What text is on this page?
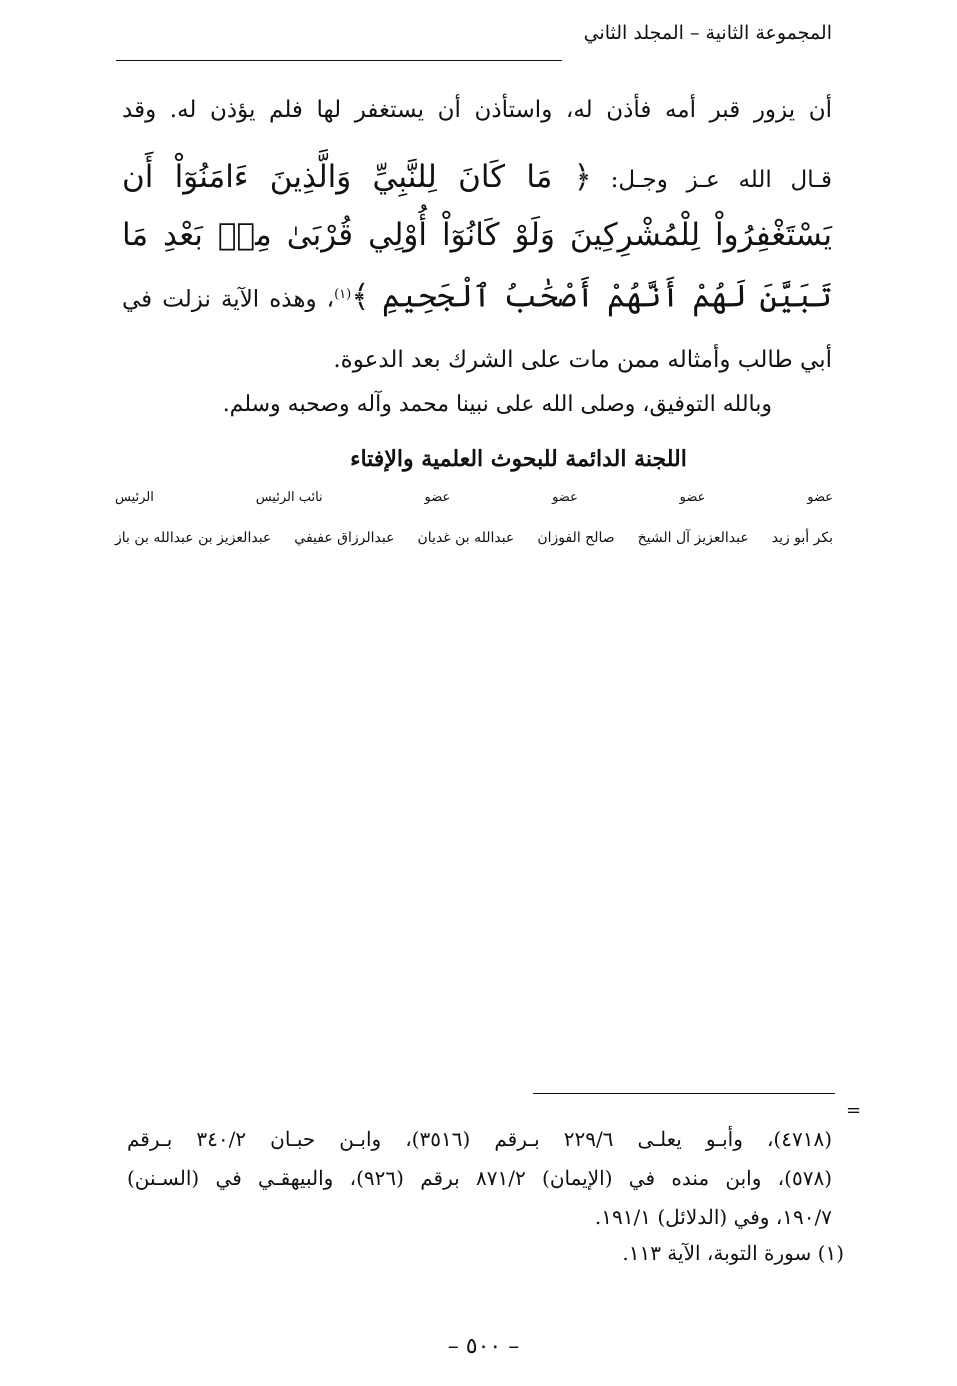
المجموعة الثانية – المجلد الثاني
أن يزور قبر أمه فأذن له، واستأذن أن يستغفر لها فلم يؤذن له. وقد
قـال الله عـز وجـل: ﴿ مَا كَانَ لِلنَّبِيِّ وَالَّذِينَ ءَامَنُوٓاْ أَن
يَسْتَغْفِرُواْ لِلْمُشْرِكِينَ وَلَوْ كَانُوٓاْ أُوْلِي قُرْبَىٰ مِنۢ بَعْدِ مَا
تَبَيَّنَ لَهُمْ أَنَّهُمْ أَصْحَٰبُ ٱلْجَحِيمِ ﴾$^{(١)}$، وهذه الآية نزلت في
أبي طالب وأمثاله ممن مات على الشرك بعد الدعوة.
وبالله التوفيق، وصلى الله على نبينا محمد وآله وصحبه وسلم.
اللجنة الدائمة للبحوث العلمية والإفتاء
عضو
عضو
عضو
عضو
نائب الرئيس
الرئيس
بكر أبو زيد
عبدالعزيز آل الشيخ
صالح الفوزان
عبدالله بن غديان
عبدالرزاق عفيفي
عبدالعزيز بن عبدالله بن باز
=
(٤٧١٨)، وأبـو يعلـى ٢٢٩/٦ بـرقم (٣٥١٦)، وابـن حبـان ٣٤٠/٢ بـرقم
(٥٧٨)، وابن منده في (الإيمان) ٨٧١/٢ برقم (٩٢٦)، والبيهقـي في (السـنن)
١٩٠/٧، وفي (الدلائل) ١٩١/١.
(١) سورة التوبة، الآية ١١٣.
– ٥٠٠ –
